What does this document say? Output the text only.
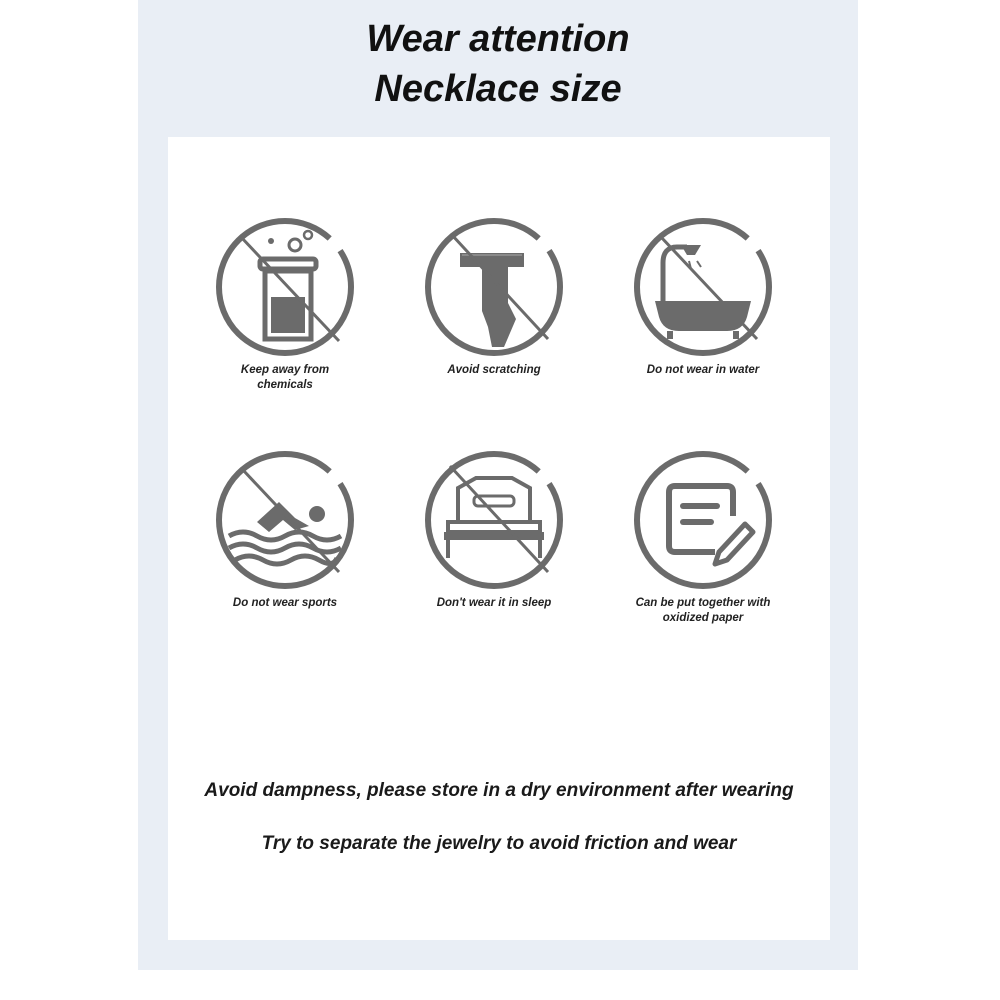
Wear attention
Necklace size
Keep away from
chemicals
Avoid scratching	Do not wear in water
Do not wear sports	Don't wear it in sleep	Can be put together with
oxidized paper
Avoid dampness, please store in a dry environment after wearing
Try to separate the jewelry to avoid friction and wear
